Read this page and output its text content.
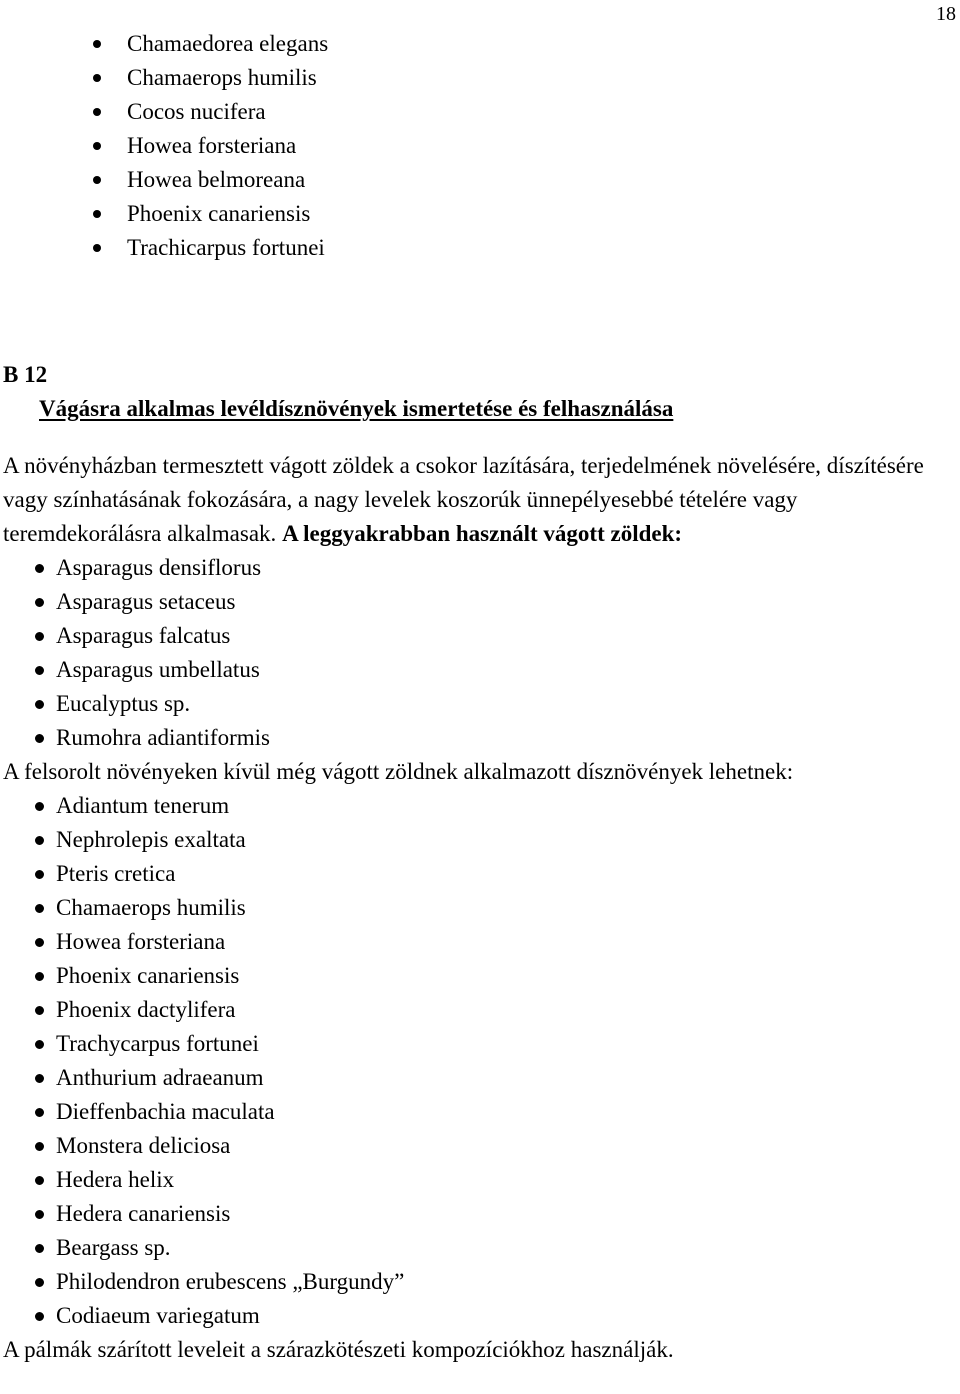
18
Chamaedorea elegans
Chamaerops humilis
Cocos nucifera
Howea forsteriana
Howea belmoreana
Phoenix canariensis
Trachicarpus fortunei
B 12
Vágásra alkalmas levéldísznövények ismertetése és felhasználása
A növényházban termesztett vágott zöldek a csokor lazítására, terjedelmének növelésére, díszítésére vagy színhatásának fokozására, a nagy levelek koszorúk ünnepélyesebbé tételére vagy teremdekorálásra alkalmasak. A leggyakrabban használt vágott zöldek:
Asparagus densiflorus
Asparagus setaceus
Asparagus falcatus
Asparagus umbellatus
Eucalyptus sp.
Rumohra adiantiformis
A felsorolt növényeken kívül még vágott zöldnek alkalmazott dísznövények lehetnek:
Adiantum tenerum
Nephrolepis exaltata
Pteris cretica
Chamaerops humilis
Howea forsteriana
Phoenix canariensis
Phoenix dactylifera
Trachycarpus fortunei
Anthurium adraeanum
Dieffenbachia maculata
Monstera deliciosa
Hedera helix
Hedera canariensis
Beargass sp.
Philodendron erubescens „Burgundy”
Codiaeum variegatum
A pálmák szárított leveleit a szárazkötészeti kompozíciókhoz használják.
